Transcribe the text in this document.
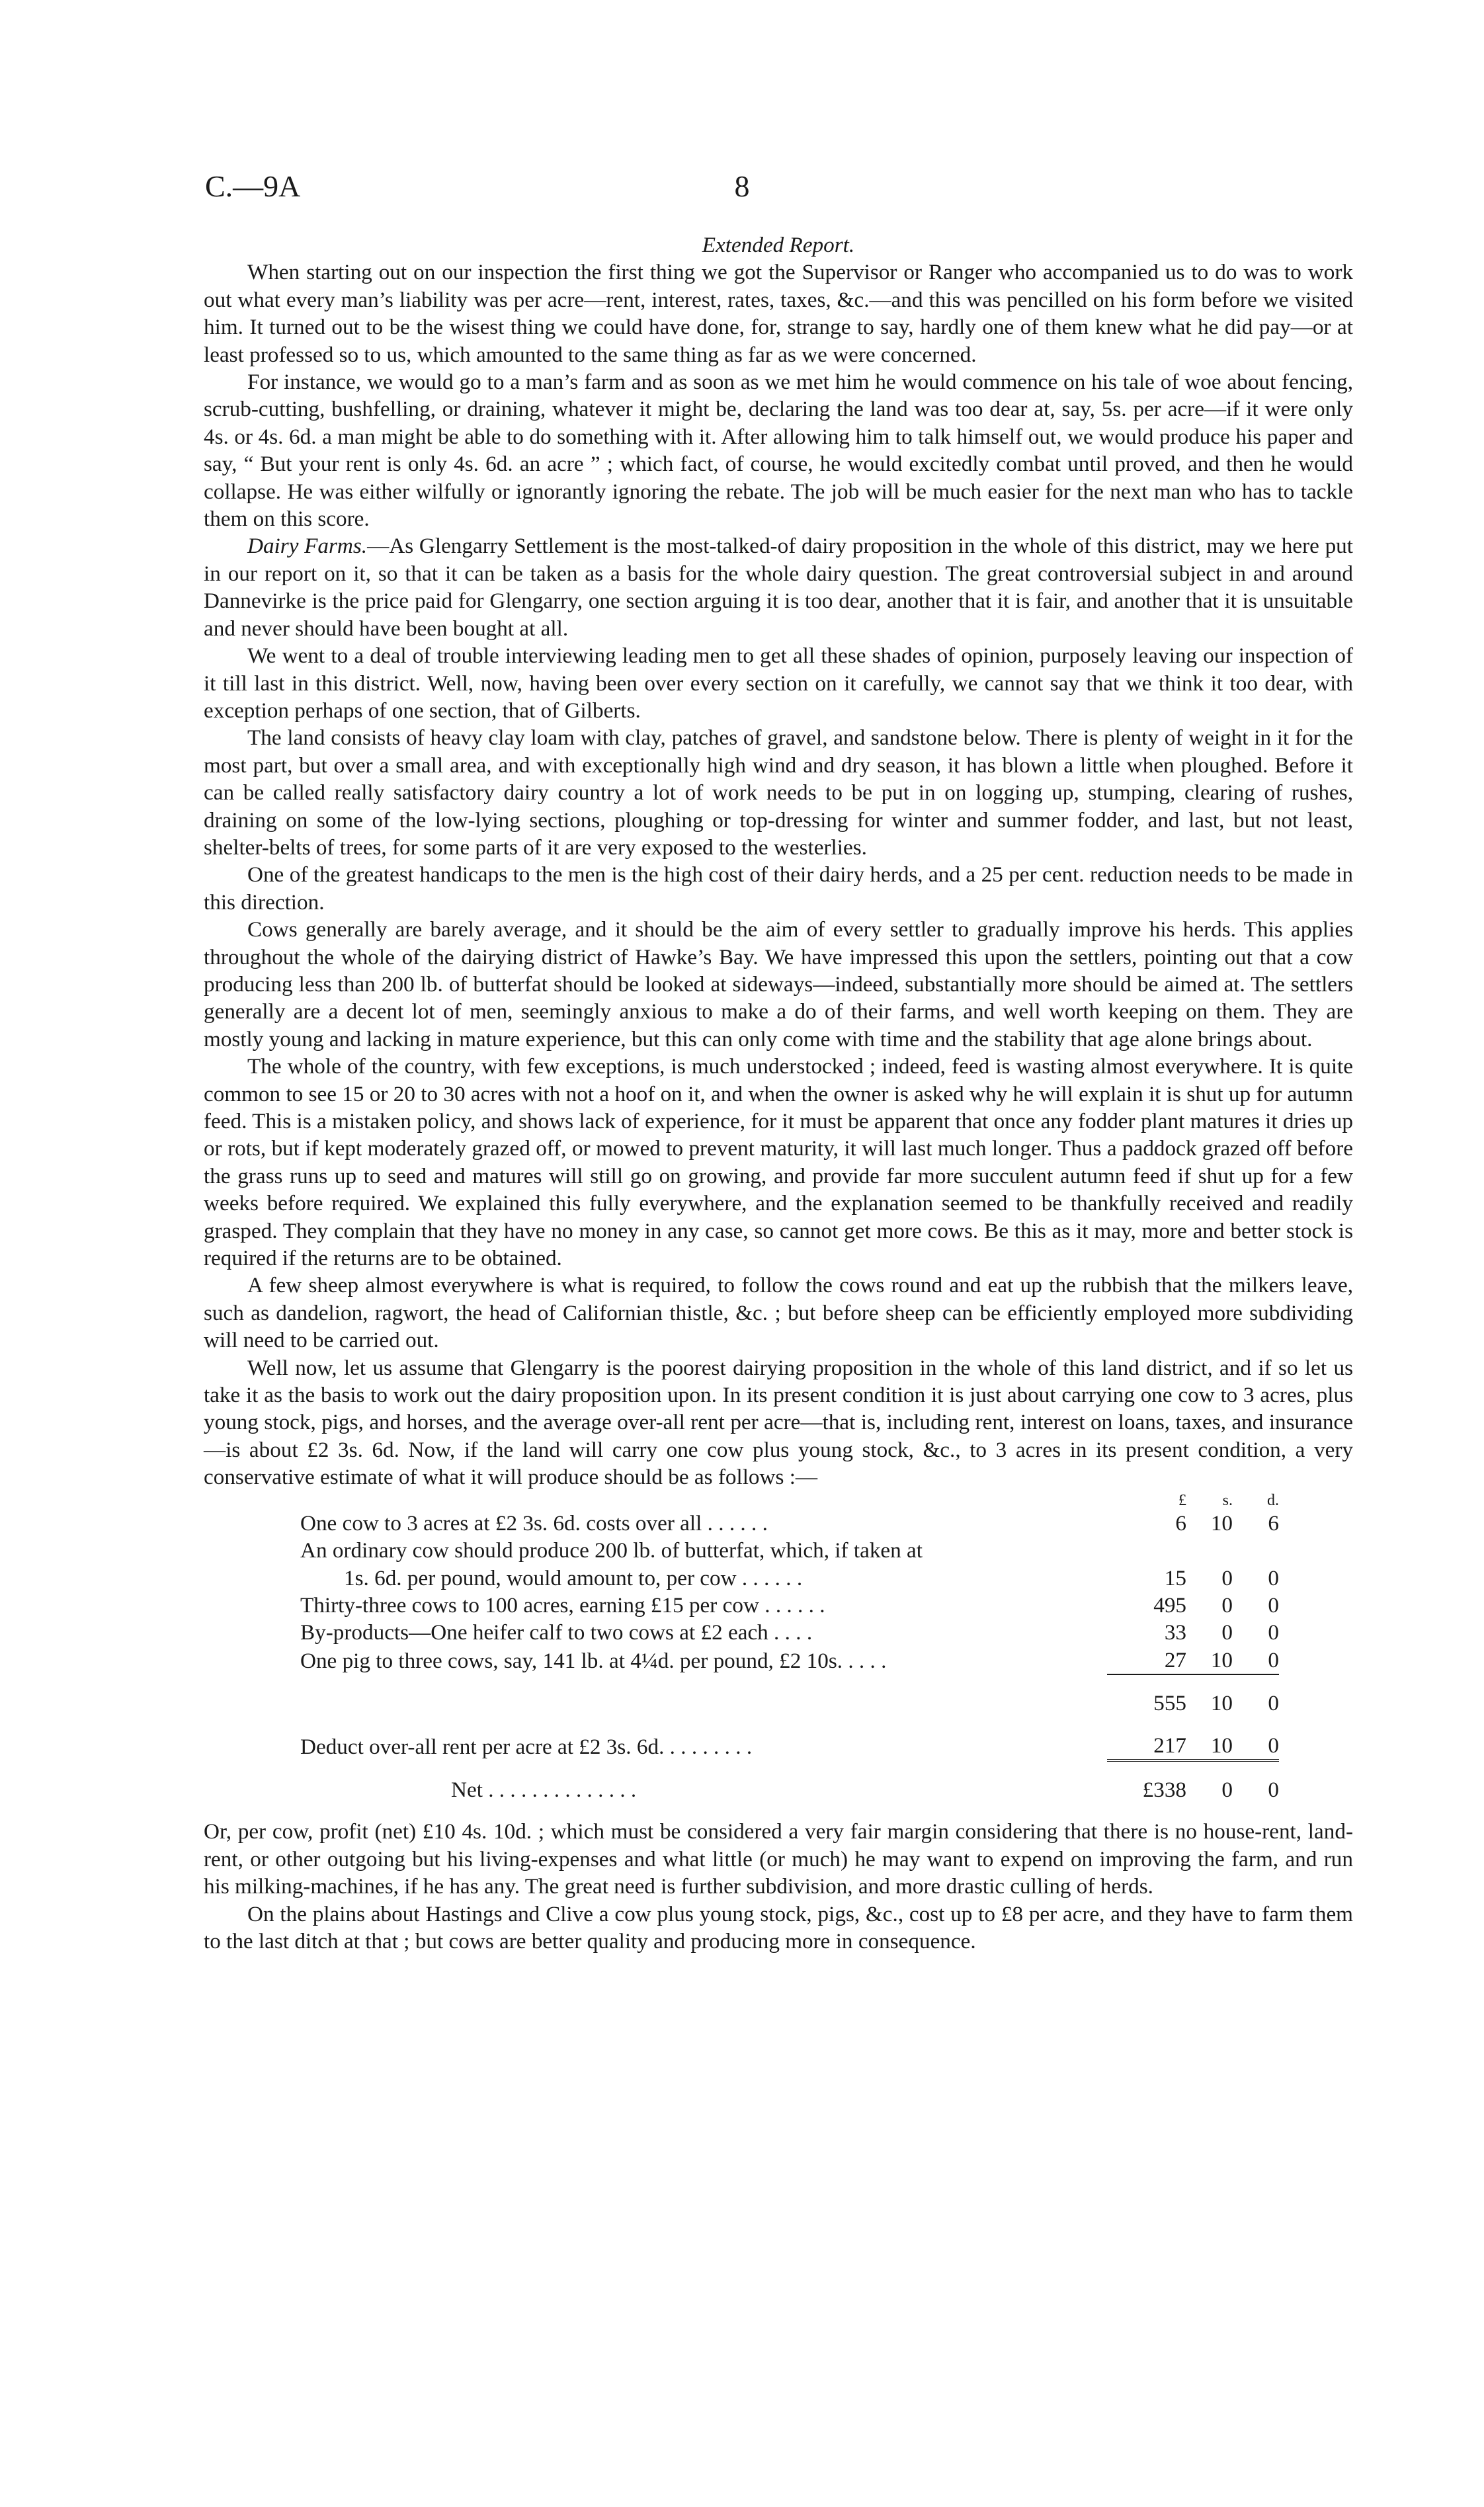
C.—9A	8
Extended Report.

When starting out on our inspection the first thing we got the Supervisor or Ranger who accompanied us to do was to work out what every man’s liability was per acre—rent, interest, rates, taxes, &c.—and this was pencilled on his form before we visited him. It turned out to be the wisest thing we could have done, for, strange to say, hardly one of them knew what he did pay—or at least professed so to us, which amounted to the same thing as far as we were concerned.

For instance, we would go to a man’s farm and as soon as we met him he would commence on his tale of woe about fencing, scrub-cutting, bushfelling, or draining, whatever it might be, declaring the land was too dear at, say, 5s. per acre—if it were only 4s. or 4s. 6d. a man might be able to do something with it. After allowing him to talk himself out, we would produce his paper and say, “ But your rent is only 4s. 6d. an acre ” ; which fact, of course, he would excitedly combat until proved, and then he would collapse. He was either wilfully or ignorantly ignoring the rebate. The job will be much easier for the next man who has to tackle them on this score.

Dairy Farms.—As Glengarry Settlement is the most-talked-of dairy proposition in the whole of this district, may we here put in our report on it, so that it can be taken as a basis for the whole dairy question. The great controversial subject in and around Dannevirke is the price paid for Glengarry, one section arguing it is too dear, another that it is fair, and another that it is unsuitable and never should have been bought at all.

We went to a deal of trouble interviewing leading men to get all these shades of opinion, purposely leaving our inspection of it till last in this district. Well, now, having been over every section on it carefully, we cannot say that we think it too dear, with exception perhaps of one section, that of Gilberts.

The land consists of heavy clay loam with clay, patches of gravel, and sandstone below. There is plenty of weight in it for the most part, but over a small area, and with exceptionally high wind and dry season, it has blown a little when ploughed. Before it can be called really satisfactory dairy country a lot of work needs to be put in on logging up, stumping, clearing of rushes, draining on some of the low-lying sections, ploughing or top-dressing for winter and summer fodder, and last, but not least, shelter-belts of trees, for some parts of it are very exposed to the westerlies.

One of the greatest handicaps to the men is the high cost of their dairy herds, and a 25 per cent. reduction needs to be made in this direction.

Cows generally are barely average, and it should be the aim of every settler to gradually improve his herds. This applies throughout the whole of the dairying district of Hawke’s Bay. We have impressed this upon the settlers, pointing out that a cow producing less than 200 lb. of butterfat should be looked at sideways—indeed, substantially more should be aimed at. The settlers generally are a decent lot of men, seemingly anxious to make a do of their farms, and well worth keeping on them. They are mostly young and lacking in mature experience, but this can only come with time and the stability that age alone brings about.

The whole of the country, with few exceptions, is much understocked ; indeed, feed is wasting almost everywhere. It is quite common to see 15 or 20 to 30 acres with not a hoof on it, and when the owner is asked why he will explain it is shut up for autumn feed. This is a mistaken policy, and shows lack of experience, for it must be apparent that once any fodder plant matures it dries up or rots, but if kept moderately grazed off, or mowed to prevent maturity, it will last much longer. Thus a paddock grazed off before the grass runs up to seed and matures will still go on growing, and provide far more succulent autumn feed if shut up for a few weeks before required. We explained this fully everywhere, and the explanation seemed to be thankfully received and readily grasped. They complain that they have no money in any case, so cannot get more cows. Be this as it may, more and better stock is required if the returns are to be obtained.

A few sheep almost everywhere is what is required, to follow the cows round and eat up the rubbish that the milkers leave, such as dandelion, ragwort, the head of Californian thistle, &c. ; but before sheep can be efficiently employed more subdividing will need to be carried out.

Well now, let us assume that Glengarry is the poorest dairying proposition in the whole of this land district, and if so let us take it as the basis to work out the dairy proposition upon. In its present condition it is just about carrying one cow to 3 acres, plus young stock, pigs, and horses, and the average over-all rent per acre—that is, including rent, interest on loans, taxes, and insurance —is about £2 3s. 6d. Now, if the land will carry one cow plus young stock, &c., to 3 acres in its present condition, a very conservative estimate of what it will produce should be as follows :—

	£	s.	d.
One cow to 3 acres at £2 3s. 6d. costs over all . . . . . .	6	10	6
An ordinary cow should produce 200 lb. of butterfat, which, if taken at			
1s. 6d. per pound, would amount to, per cow . . . . . .	15	0	0
Thirty-three cows to 100 acres, earning £15 per cow . . . . . .	495	0	0
By-products—One heifer calf to two cows at £2 each . . . .	33	0	0
One pig to three cows, say, 141 lb. at 4¼d. per pound, £2 10s. . . . .	27	10	0

	555	10	0

Deduct over-all rent per acre at £2 3s. 6d. . . . . . . . .	217	10	0

Net . . . . . . . . . . . . . .	£338	0	0

Or, per cow, profit (net) £10 4s. 10d. ; which must be considered a very fair margin considering that there is no house-rent, land-rent, or other outgoing but his living-expenses and what little (or much) he may want to expend on improving the farm, and run his milking-machines, if he has any. The great need is further subdivision, and more drastic culling of herds.

On the plains about Hastings and Clive a cow plus young stock, pigs, &c., cost up to £8 per acre, and they have to farm them to the last ditch at that ; but cows are better quality and producing more in consequence.
